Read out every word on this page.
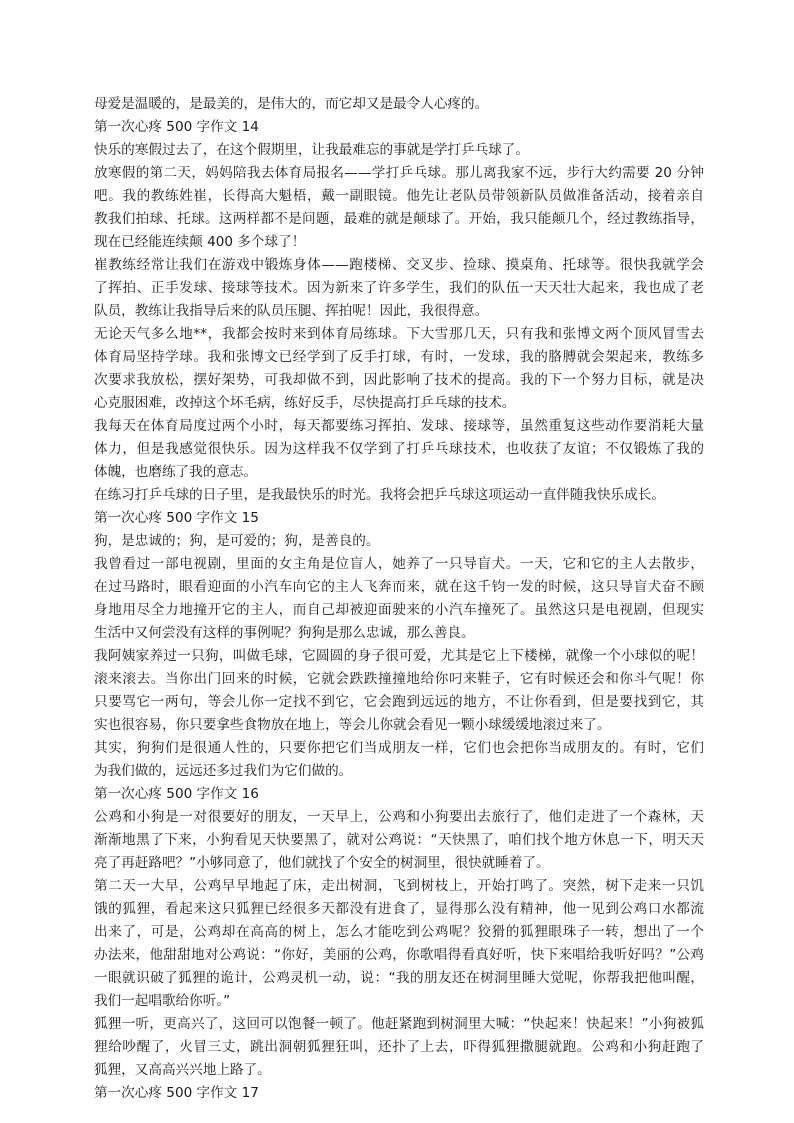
母爱是温暖的，是最美的，是伟大的，而它却又是最令人心疼的。
第一次心疼 500 字作文 14
快乐的寒假过去了，在这个假期里，让我最难忘的事就是学打乒乓球了。
放寒假的第二天，妈妈陪我去体育局报名——学打乒乓球。那儿离我家不远，步行大约需要 20 分钟
吧。我的教练姓崔，长得高大魁梧，戴一副眼镜。他先让老队员带领新队员做准备活动，接着亲自
教我们拍球、托球。这两样都不是问题，最难的就是颠球了。开始，我只能颠几个，经过教练指导，
现在已经能连续颠 400 多个球了！
崔教练经常让我们在游戏中锻炼身体——跑楼梯、交叉步、捡球、摸桌角、托球等。很快我就学会
了挥拍、正手发球、接球等技术。因为新来了许多学生，我们的队伍一天天壮大起来，我也成了老
队员，教练让我指导后来的队员压腿、挥拍呢！因此，我很得意。
无论天气多么地**，我都会按时来到体育局练球。下大雪那几天，只有我和张博文两个顶风冒雪去
体育局坚持学球。我和张博文已经学到了反手打球，有时，一发球，我的胳膊就会架起来，教练多
次要求我放松，摆好架势，可我却做不到，因此影响了技术的提高。我的下一个努力目标，就是决
心克服困难，改掉这个坏毛病，练好反手，尽快提高打乒乓球的技术。
我每天在体育局度过两个小时，每天都要练习挥拍、发球、接球等，虽然重复这些动作要消耗大量
体力，但是我感觉很快乐。因为这样我不仅学到了打乒乓球技术，也收获了友谊；不仅锻炼了我的
体魄，也磨练了我的意志。
在练习打乒乓球的日子里，是我最快乐的时光。我将会把乒乓球这项运动一直伴随我快乐成长。
第一次心疼 500 字作文 15
狗，是忠诚的；狗，是可爱的；狗，是善良的。
我曾看过一部电视剧，里面的女主角是位盲人，她养了一只导盲犬。一天，它和它的主人去散步，
在过马路时，眼看迎面的小汽车向它的主人飞奔而来，就在这千钧一发的时候，这只导盲犬奋不顾
身地用尽全力地撞开它的主人，而自己却被迎面驶来的小汽车撞死了。虽然这只是电视剧，但现实
生活中又何尝没有这样的事例呢？狗狗是那么忠诚，那么善良。
我阿姨家养过一只狗，叫做毛球，它圆圆的身子很可爱，尤其是它上下楼梯，就像一个小球似的呢！
滚来滚去。当你出门回来的时候，它就会跌跌撞撞地给你叼来鞋子，它有时候还会和你斗气呢！你
只要骂它一两句，等会儿你一定找不到它，它会跑到远远的地方，不让你看到，但是要找到它，其
实也很容易，你只要拿些食物放在地上，等会儿你就会看见一颗小球缓缓地滚过来了。
其实，狗狗们是很通人性的，只要你把它们当成朋友一样，它们也会把你当成朋友的。有时，它们
为我们做的，远远还多过我们为它们做的。
第一次心疼 500 字作文 16
公鸡和小狗是一对很要好的朋友，一天早上，公鸡和小狗要出去旅行了，他们走进了一个森林，天
渐渐地黑了下来，小狗看见天快要黑了，就对公鸡说：“天快黑了，咱们找个地方休息一下，明天天
亮了再赶路吧？”小够同意了，他们就找了个安全的树洞里，很快就睡着了。
第二天一大早，公鸡早早地起了床，走出树洞，飞到树枝上，开始打鸣了。突然，树下走来一只饥
饿的狐狸，看起来这只狐狸已经很多天都没有进食了，显得那么没有精神，他一见到公鸡口水都流
出来了，可是，公鸡却在高高的树上，怎么才能吃到公鸡呢？狡猾的狐狸眼珠子一转，想出了一个
办法来，他甜甜地对公鸡说：“你好，美丽的公鸡，你歌唱得看真好听，快下来唱给我听好吗？”公鸡
一眼就识破了狐狸的诡计，公鸡灵机一动，说：“我的朋友还在树洞里睡大觉呢，你帮我把他叫醒，
我们一起唱歌给你听。”
狐狸一听，更高兴了，这回可以饱餐一顿了。他赶紧跑到树洞里大喊：“快起来！快起来！”小狗被狐
狸给吵醒了，火冒三丈，跳出洞朝狐狸狂叫，还扑了上去，吓得狐狸撒腿就跑。公鸡和小狗赶跑了
狐狸，又高高兴兴地上路了。
第一次心疼 500 字作文 17
